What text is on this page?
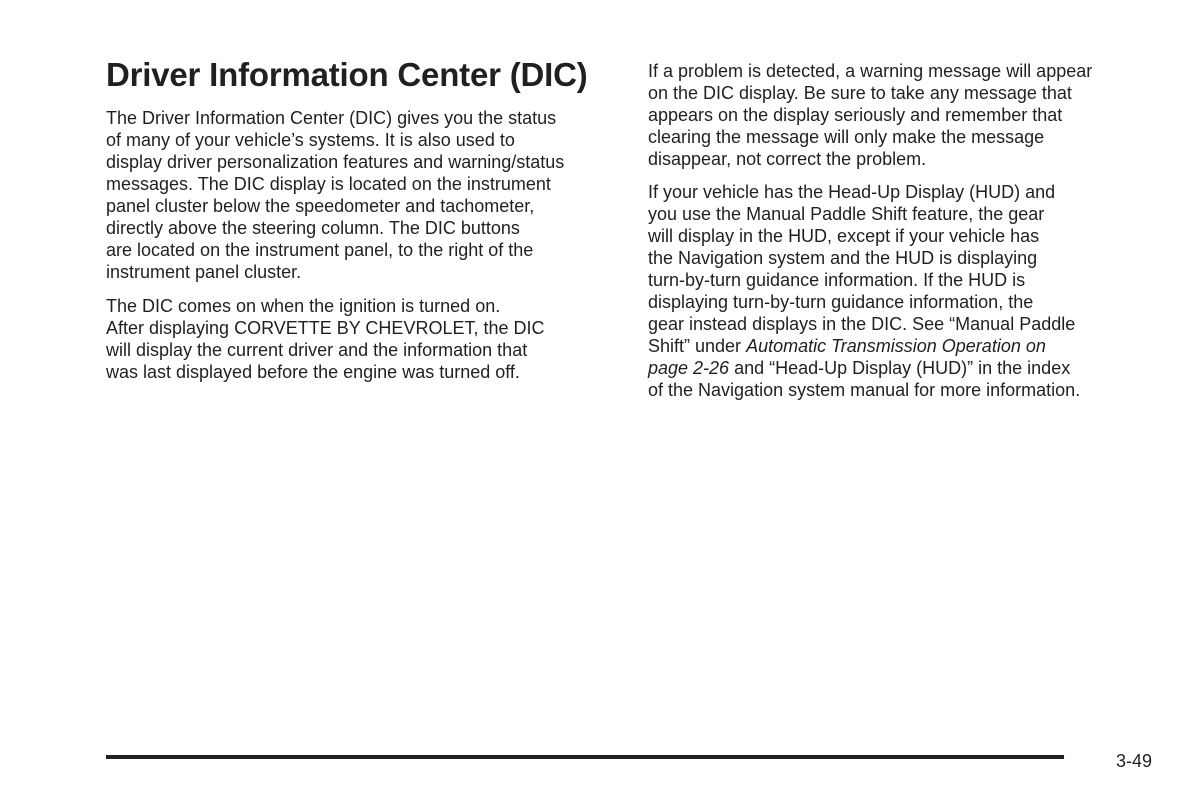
Driver Information Center (DIC)
The Driver Information Center (DIC) gives you the status
of many of your vehicle’s systems. It is also used to
display driver personalization features and warning/status
messages. The DIC display is located on the instrument
panel cluster below the speedometer and tachometer,
directly above the steering column. The DIC buttons
are located on the instrument panel, to the right of the
instrument panel cluster.
The DIC comes on when the ignition is turned on.
After displaying CORVETTE BY CHEVROLET, the DIC
will display the current driver and the information that
was last displayed before the engine was turned off.
If a problem is detected, a warning message will appear
on the DIC display. Be sure to take any message that
appears on the display seriously and remember that
clearing the message will only make the message
disappear, not correct the problem.
If your vehicle has the Head-Up Display (HUD) and
you use the Manual Paddle Shift feature, the gear
will display in the HUD, except if your vehicle has
the Navigation system and the HUD is displaying
turn-by-turn guidance information. If the HUD is
displaying turn-by-turn guidance information, the
gear instead displays in the DIC. See “Manual Paddle
Shift” under Automatic Transmission Operation on
page 2-26 and “Head-Up Display (HUD)” in the index
of the Navigation system manual for more information.
3-49
